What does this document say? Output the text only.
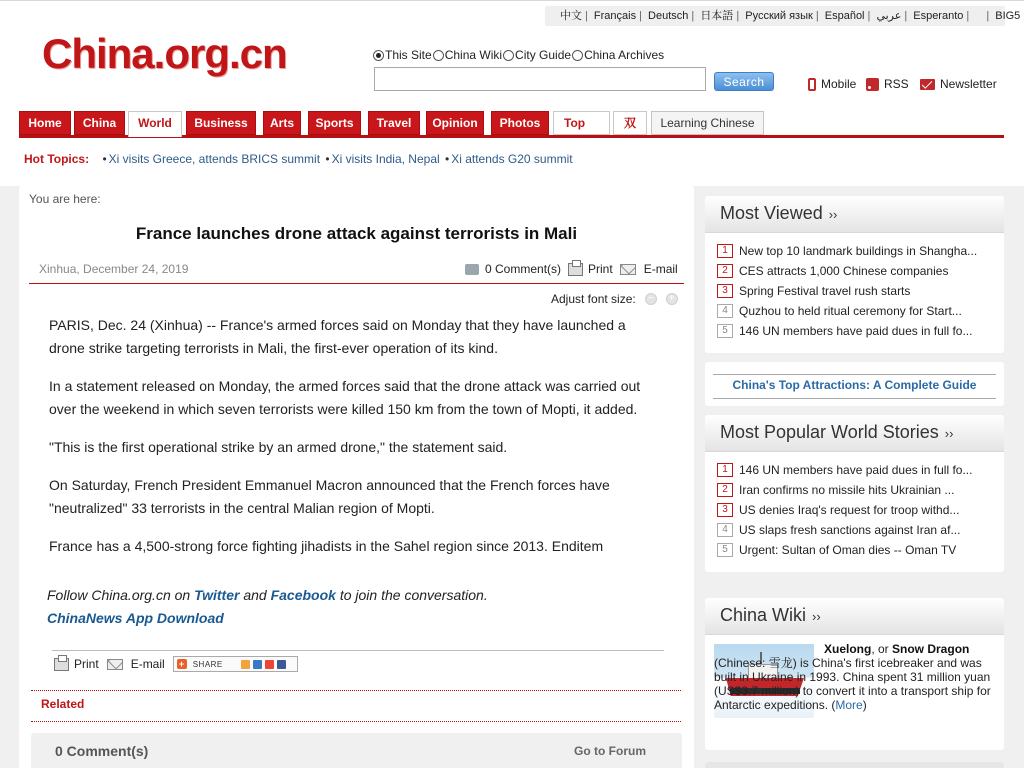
中文 | Français | Deutsch | 日本語 | Русский язык | Español | عربي | Esperanto | | BIG5
China.org.cn	This Site China Wiki City Guide China Archives
Search	Mobile RSS	Newsletter
Home	China	World	Business	Arts	Sports	Travel	Opinion	Photos	Top	双	Learning Chinese
Hot Topics: • Xi visits Greece, attends BRICS summit • Xi visits India, Nepal • Xi attends G20 summit
You are here:
France launches drone attack against terrorists in Mali
Xinhua, December 24, 2019	0 Comment(s) Print	E-mail
Adjust font size:	−	+

PARIS, Dec. 24 (Xinhua) -- France's armed forces said on Monday that they have launched a drone strike targeting terrorists in Mali, the first-ever operation of its kind.

In a statement released on Monday, the armed forces said that the drone attack was carried out over the weekend in which seven terrorists were killed 150 km from the town of Mopti, it added.

"This is the first operational strike by an armed drone," the statement said.

On Saturday, French President Emmanuel Macron announced that the French forces have "neutralized" 33 terrorists in the central Malian region of Mopti.

France has a 4,500-strong force fighting jihadists in the Sahel region since 2013. Enditem

Follow China.org.cn on Twitter and Facebook to join the conversation.
ChinaNews App Download
Print	E-mail + SHARE
Related
0 Comment(s)	Go to Forum
Most Viewed ››
1 New top 10 landmark buildings in Shangha...
2 CES attracts 1,000 Chinese companies
3 Spring Festival travel rush starts
4 Quzhou to held ritual ceremony for Start...
5 146 UN members have paid dues in full fo...
China's Top Attractions: A Complete Guide
Most Popular World Stories ››
1 146 UN members have paid dues in full fo...
2 Iran confirms no missile hits Ukrainian ...
3 US denies Iraq's request for troop withd...
4 US slaps fresh sanctions against Iran af...
5 Urgent: Sultan of Oman dies -- Oman TV
China Wiki ››
Xuelong, or Snow Dragon (Chinese: 雪龙) is China's first icebreaker and was built in Ukraine in 1993. China spent 31 million yuan (US$3.7 million) to convert it into a transport ship for Antarctic expeditions. (More)
